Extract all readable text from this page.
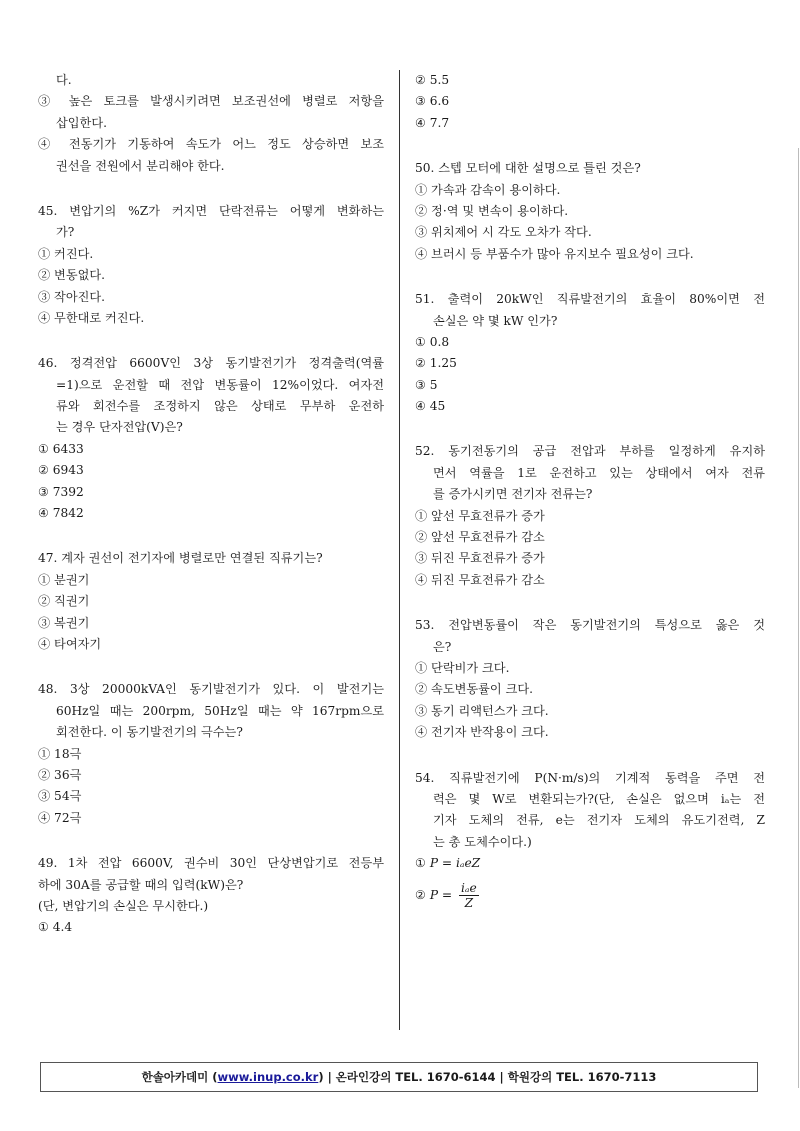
다.
③ 높은 토크를 발생시키려면 보조권선에 병렬로 저항을
삽입한다.
④ 전동기가 기동하여 속도가 어느 정도 상승하면 보조
권선을 전원에서 분리해야 한다.
45. 변압기의 %Z가 커지면 단락전류는 어떻게 변화하는
가?
① 커진다.
② 변동없다.
③ 작아진다.
④ 무한대로 커진다.
46. 정격전압 6600V인 3상 동기발전기가 정격출력(역률
=1)으로 운전할 때 전압 변동률이 12%이었다. 여자전
류와 회전수를 조정하지 않은 상태로 무부하 운전하
는 경우 단자전압(V)은?
① 6433
② 6943
③ 7392
④ 7842
47. 계자 권선이 전기자에 병렬로만 연결된 직류기는?
① 분권기
② 직권기
③ 복권기
④ 타여자기
48. 3상 20000kVA인 동기발전기가 있다. 이 발전기는
60Hz일 때는 200rpm, 50Hz일 때는 약 167rpm으로
회전한다. 이 동기발전기의 극수는?
① 18극
② 36극
③ 54극
④ 72극
49. 1차 전압 6600V, 권수비 30인 단상변압기로 전등부
하에 30A를 공급할 때의 입력(kW)은?
(단, 변압기의 손실은 무시한다.)
① 4.4
② 5.5
③ 6.6
④ 7.7
50. 스텝 모터에 대한 설명으로 틀린 것은?
① 가속과 감속이 용이하다.
② 정·역 및 변속이 용이하다.
③ 위치제어 시 각도 오차가 작다.
④ 브러시 등 부품수가 많아 유지보수 필요성이 크다.
51. 출력이 20kW인 직류발전기의 효율이 80%이면 전
손실은 약 몇 kW 인가?
① 0.8
② 1.25
③ 5
④ 45
52. 동기전동기의 공급 전압과 부하를 일정하게 유지하
면서 역률을 1로 운전하고 있는 상태에서 여자 전류
를 증가시키면 전기자 전류는?
① 앞선 무효전류가 증가
② 앞선 무효전류가 감소
③ 뒤진 무효전류가 증가
④ 뒤진 무효전류가 감소
53. 전압변동률이 작은 동기발전기의 특성으로 옳은 것
은?
① 단락비가 크다.
② 속도변동률이 크다.
③ 동기 리액턴스가 크다.
④ 전기자 반작용이 크다.
54. 직류발전기에 P(N·m/s)의 기계적 동력을 주면 전
력은 몇 W로 변환되는가?(단, 손실은 없으며 iₐ는 전
기자 도체의 전류, e는 전기자 도체의 유도기전력, Z
는 총 도체수이다.)
① P = iₐeZ
② $P = \frac{\text{iₐe}}{Z}$
한솔아카데미 (www.inup.co.kr) | 온라인강의 TEL. 1670-6144 | 학원강의 TEL. 1670-7113
